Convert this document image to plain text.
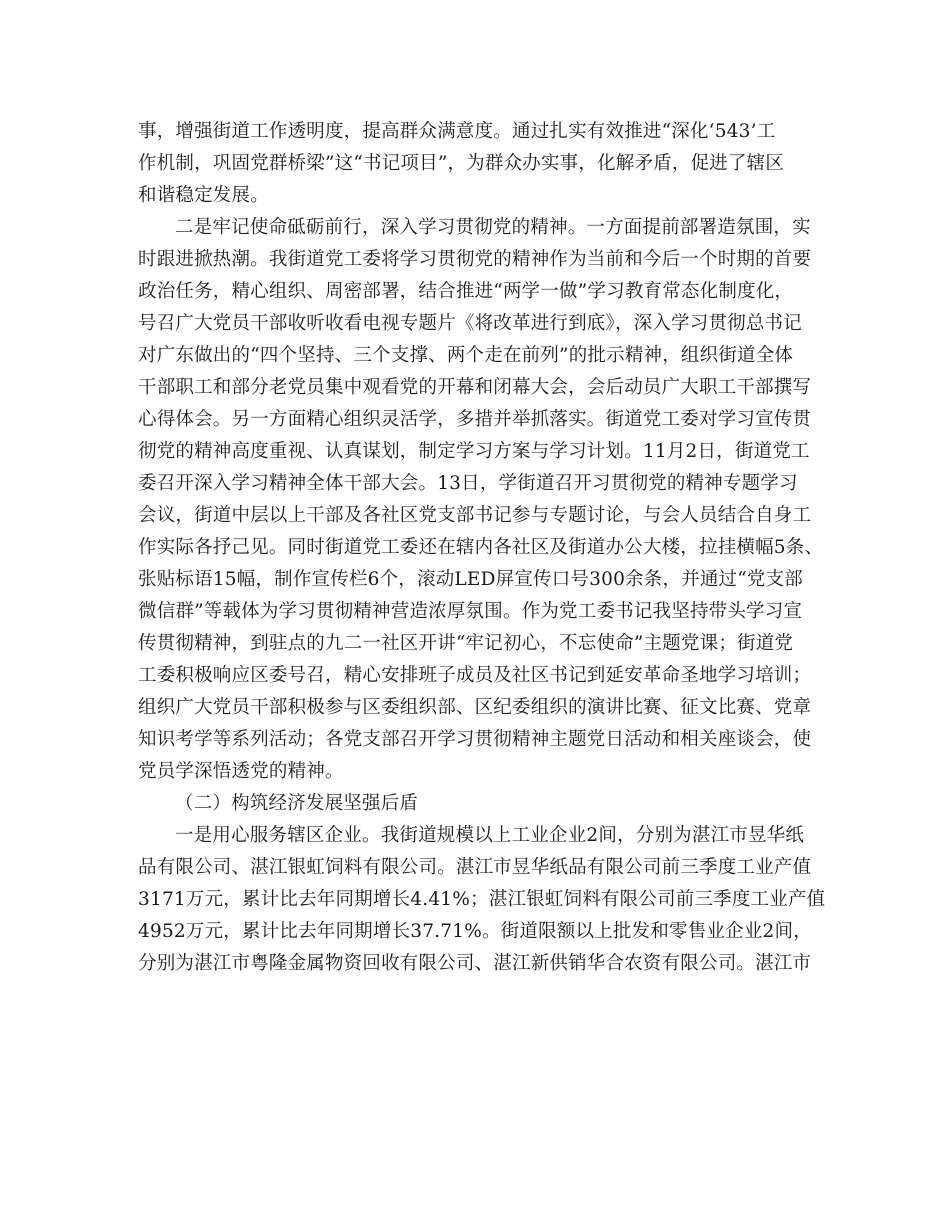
事，增强街道工作透明度，提高群众满意度。通过扎实有效推进“深化‘543’工
作机制，巩固党群桥梁”这“书记项目”，为群众办实事，化解矛盾，促进了辖区
和谐稳定发展。
二是牢记使命砥砺前行，深入学习贯彻党的精神。一方面提前部署造氛围，实
时跟进掀热潮。我街道党工委将学习贯彻党的精神作为当前和今后一个时期的首要
政治任务，精心组织、周密部署，结合推进“两学一做”学习教育常态化制度化，
号召广大党员干部收听收看电视专题片《将改革进行到底》，深入学习贯彻总书记
对广东做出的“四个坚持、三个支撑、两个走在前列”的批示精神，组织街道全体
干部职工和部分老党员集中观看党的开幕和闭幕大会，会后动员广大职工干部撰写
心得体会。另一方面精心组织灵活学，多措并举抓落实。街道党工委对学习宣传贯
彻党的精神高度重视、认真谋划，制定学习方案与学习计划。11月2日，街道党工
委召开深入学习精神全体干部大会。13日，学街道召开习贯彻党的精神专题学习
会议，街道中层以上干部及各社区党支部书记参与专题讨论，与会人员结合自身工
作实际各抒己见。同时街道党工委还在辖内各社区及街道办公大楼，拉挂横幅5条、
张贴标语15幅，制作宣传栏6个，滚动LED屏宣传口号300余条，并通过“党支部
微信群”等载体为学习贯彻精神营造浓厚氛围。作为党工委书记我坚持带头学习宣
传贯彻精神，到驻点的九二一社区开讲“牢记初心，不忘使命”主题党课；街道党
工委积极响应区委号召，精心安排班子成员及社区书记到延安革命圣地学习培训；
组织广大党员干部积极参与区委组织部、区纪委组织的演讲比赛、征文比赛、党章
知识考学等系列活动；各党支部召开学习贯彻精神主题党日活动和相关座谈会，使
党员学深悟透党的精神。
（二）构筑经济发展坚强后盾
一是用心服务辖区企业。我街道规模以上工业企业2间，分别为湛江市昱华纸
品有限公司、湛江银虹饲料有限公司。湛江市昱华纸品有限公司前三季度工业产值
3171万元，累计比去年同期增长4.41%；湛江银虹饲料有限公司前三季度工业产值
4952万元，累计比去年同期增长37.71%。街道限额以上批发和零售业企业2间，
分别为湛江市粤隆金属物资回收有限公司、湛江新供销华合农资有限公司。湛江市
